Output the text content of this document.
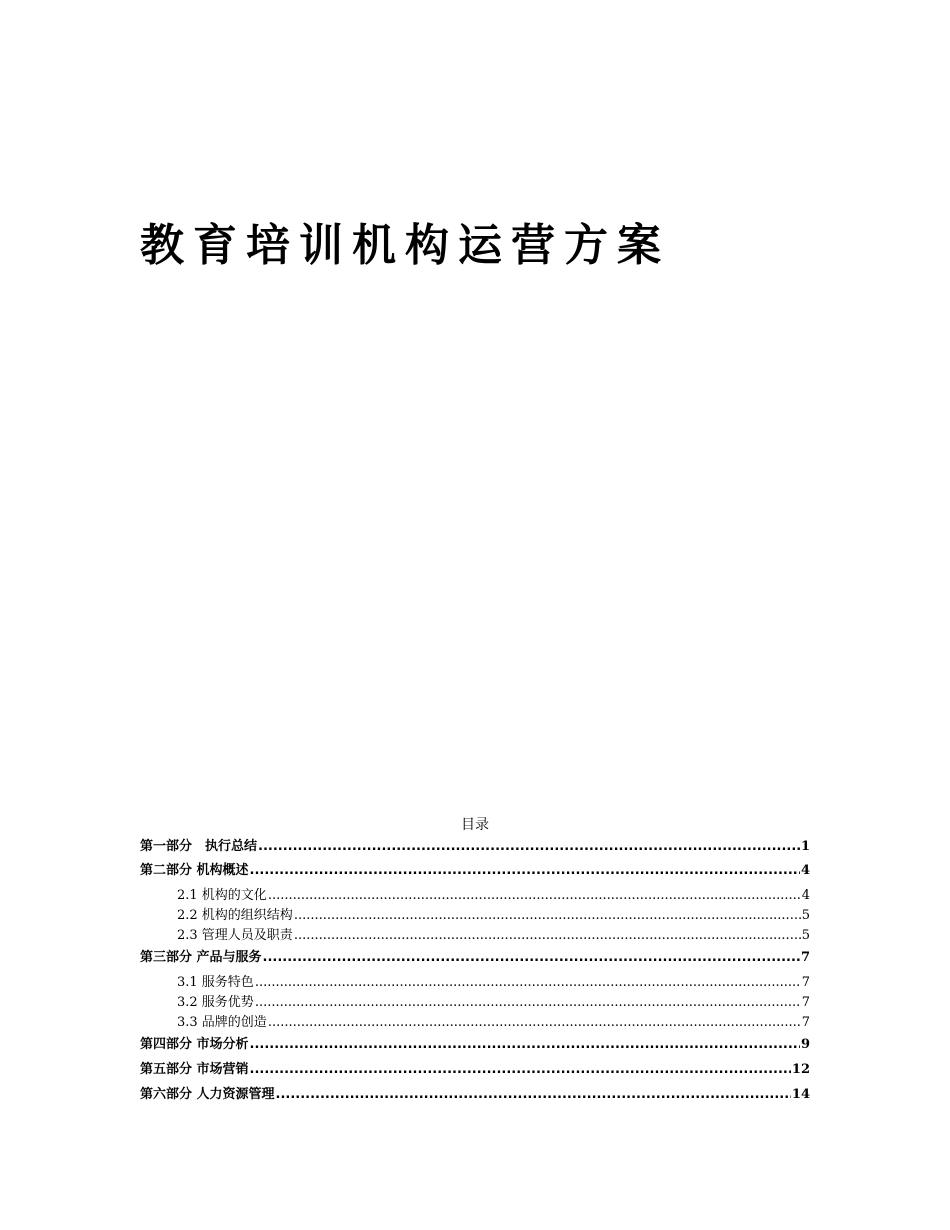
教育培训机构运营方案
目录
第一部分　执行总结 .....	1
第二部分 机构概述 .....	4
2.1 机构的文化 .....	4
2.2 机构的组织结构 .....	5
2.3 管理人员及职责 .....	5
第三部分 产品与服务 .....	7
3.1 服务特色 .....	7
3.2 服务优势 .....	7
3.3 品牌的创造 .....	7
第四部分 市场分析 .....	9
第五部分 市场营销 .....	12
第六部分 人力资源管理 .....	14
